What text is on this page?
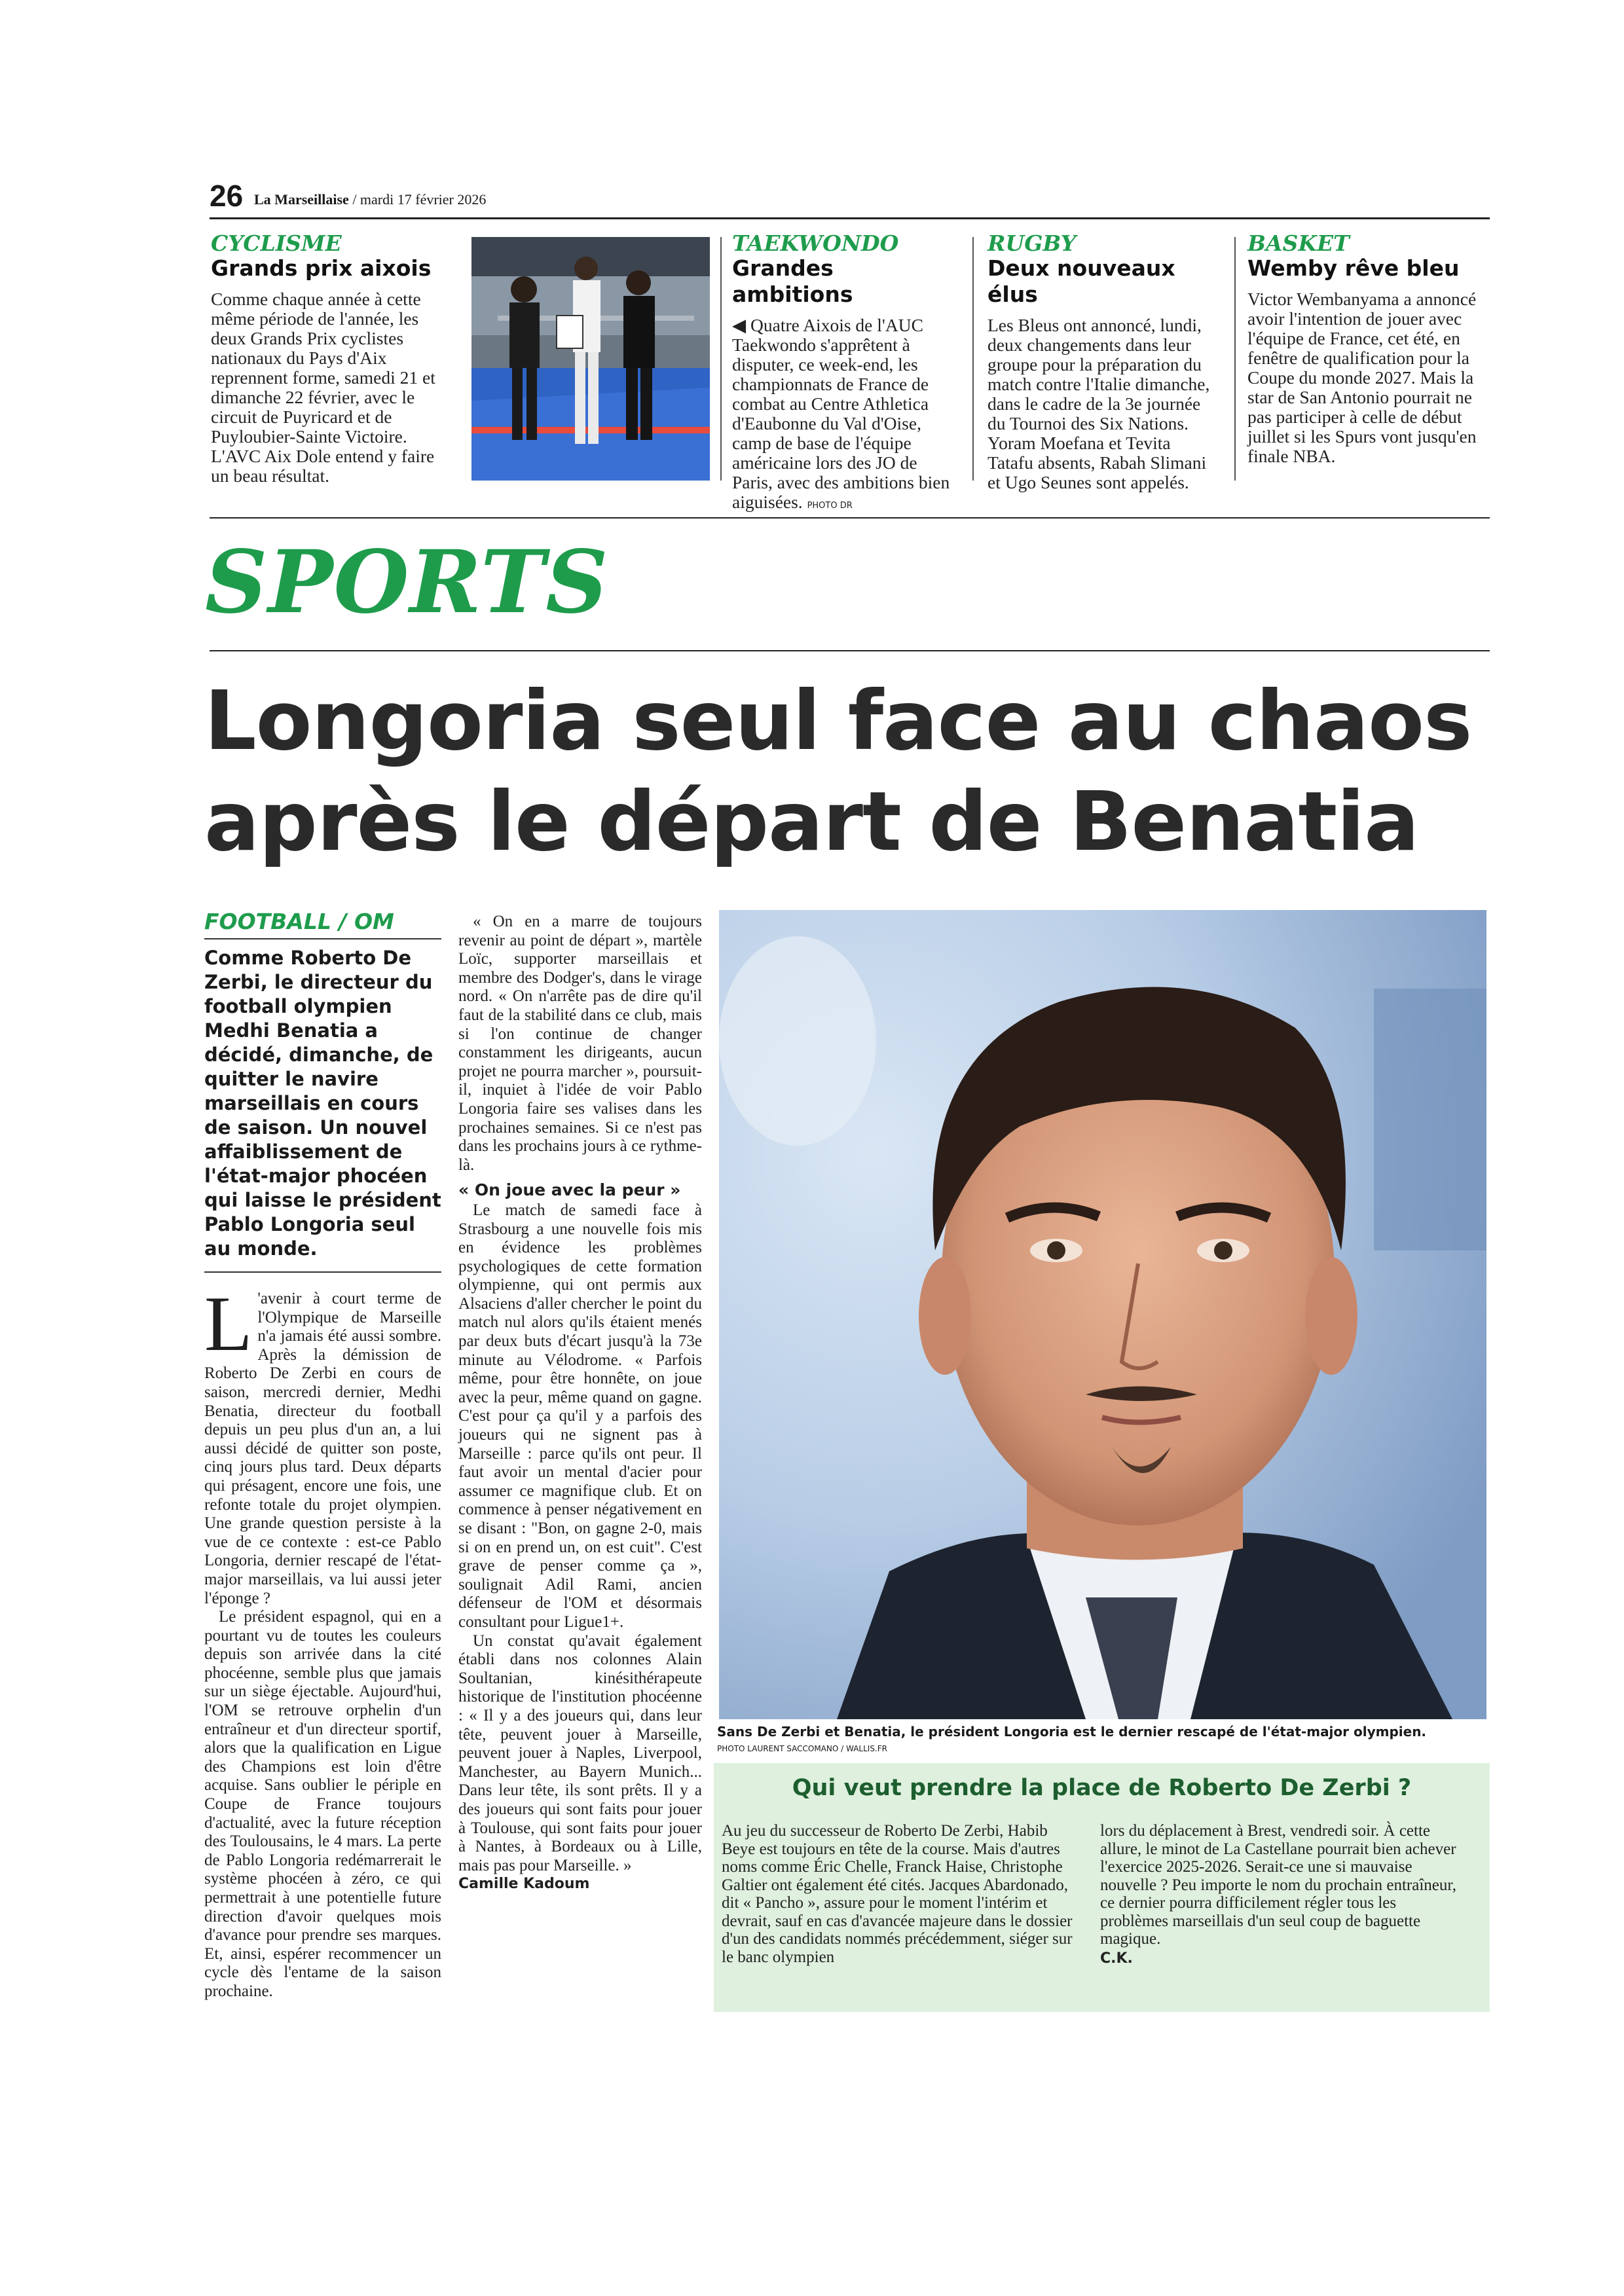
26 La Marseillaise / mardi 17 février 2026
CYCLISME
Grands prix aixois
Comme chaque année à cette même période de l'année, les deux Grands Prix cyclistes nationaux du Pays d'Aix reprennent forme, samedi 21 et dimanche 22 février, avec le circuit de Puyricard et de Puyloubier-Sainte Victoire. L'AVC Aix Dole entend y faire un beau résultat.
TAEKWONDO
Grandes ambitions
◀ Quatre Aixois de l'AUC Taekwondo s'apprêtent à disputer, ce week-end, les championnats de France de combat au Centre Athletica d'Eaubonne du Val d'Oise, camp de base de l'équipe américaine lors des JO de Paris, avec des ambitions bien aiguisées. PHOTO DR
RUGBY
Deux nouveaux élus
Les Bleus ont annoncé, lundi, deux changements dans leur groupe pour la préparation du match contre l'Italie dimanche, dans le cadre de la 3e journée du Tournoi des Six Nations. Yoram Moefana et Tevita Tatafu absents, Rabah Slimani et Ugo Seunes sont appelés.
BASKET
Wemby rêve bleu
Victor Wembanyama a annoncé avoir l'intention de jouer avec l'équipe de France, cet été, en fenêtre de qualification pour la Coupe du monde 2027. Mais la star de San Antonio pourrait ne pas participer à celle de début juillet si les Spurs vont jusqu'en finale NBA.
SPORTS
Longoria seul face au chaos après le départ de Benatia
FOOTBALL / OM
Comme Roberto De Zerbi, le directeur du football olympien Medhi Benatia a décidé, dimanche, de quitter le navire marseillais en cours de saison. Un nouvel affaiblissement de l'état-major phocéen qui laisse le président Pablo Longoria seul au monde.

L 'avenir à court terme de l'Olympique de Marseille n'a jamais été aussi sombre. Après la démission de Roberto De Zerbi en cours de saison, mercredi dernier, Medhi Benatia, directeur du football depuis un peu plus d'un an, a lui aussi décidé de quitter son poste, cinq jours plus tard. Deux départs qui présagent, encore une fois, une refonte totale du projet olympien. Une grande question persiste à la vue de ce contexte : est-ce Pablo Longoria, dernier rescapé de l'état-major marseillais, va lui aussi jeter l'éponge ?

Le président espagnol, qui en a pourtant vu de toutes les couleurs depuis son arrivée dans la cité phocéenne, semble plus que jamais sur un siège éjectable. Aujourd'hui, l'OM se retrouve orphelin d'un entraîneur et d'un directeur sportif, alors que la qualification en Ligue des Champions est loin d'être acquise. Sans oublier le périple en Coupe de France toujours d'actualité, avec la future réception des Toulousains, le 4 mars. La perte de Pablo Longoria redémarrerait le système phocéen à zéro, ce qui permettrait à une potentielle future direction d'avoir quelques mois d'avance pour prendre ses marques. Et, ainsi, espérer recommencer un cycle dès l'entame de la saison prochaine.

« On en a marre de toujours revenir au point de départ », martèle Loïc, supporter marseillais et membre des Dodger's, dans le virage nord. « On n'arrête pas de dire qu'il faut de la stabilité dans ce club, mais si l'on continue de changer constamment les dirigeants, aucun projet ne pourra marcher », poursuit-il, inquiet à l'idée de voir Pablo Longoria faire ses valises dans les prochaines semaines. Si ce n'est pas dans les prochains jours à ce rythme-là.

« On joue avec la peur »

Le match de samedi face à Strasbourg a une nouvelle fois mis en évidence les problèmes psychologiques de cette formation olympienne, qui ont permis aux Alsaciens d'aller chercher le point du match nul alors qu'ils étaient menés par deux buts d'écart jusqu'à la 73e minute au Vélodrome. « Parfois même, pour être honnête, on joue avec la peur, même quand on gagne. C'est pour ça qu'il y a parfois des joueurs qui ne signent pas à Marseille : parce qu'ils ont peur. Il faut avoir un mental d'acier pour assumer ce magnifique club. Et on commence à penser négativement en se disant : "Bon, on gagne 2-0, mais si on en prend un, on est cuit". C'est grave de penser comme ça », soulignait Adil Rami, ancien défenseur de l'OM et désormais consultant pour Ligue1+.

Un constat qu'avait également établi dans nos colonnes Alain Soultanian, kinésithérapeute historique de l'institution phocéenne : « Il y a des joueurs qui, dans leur tête, peuvent jouer à Marseille, peuvent jouer à Naples, Liverpool, Manchester, au Bayern Munich... Dans leur tête, ils sont prêts. Il y a des joueurs qui sont faits pour jouer à Toulouse, qui sont faits pour jouer à Nantes, à Bordeaux ou à Lille, mais pas pour Marseille. »

Camille Kadoum
Sans De Zerbi et Benatia, le président Longoria est le dernier rescapé de l'état-major olympien.
PHOTO LAURENT SACCOMANO / WALLIS.FR
Qui veut prendre la place de Roberto De Zerbi ?
Au jeu du successeur de Roberto De Zerbi, Habib Beye est toujours en tête de la course. Mais d'autres noms comme Éric Chelle, Franck Haise, Christophe Galtier ont également été cités. Jacques Abardonado, dit « Pancho », assure pour le moment l'intérim et devrait, sauf en cas d'avancée majeure dans le dossier d'un des candidats nommés précédemment, siéger sur le banc olympien
lors du déplacement à Brest, vendredi soir. À cette allure, le minot de La Castellane pourrait bien achever l'exercice 2025-2026. Serait-ce une si mauvaise nouvelle ? Peu importe le nom du prochain entraîneur, ce dernier pourra difficilement régler tous les problèmes marseillais d'un seul coup de baguette magique.
C.K.
